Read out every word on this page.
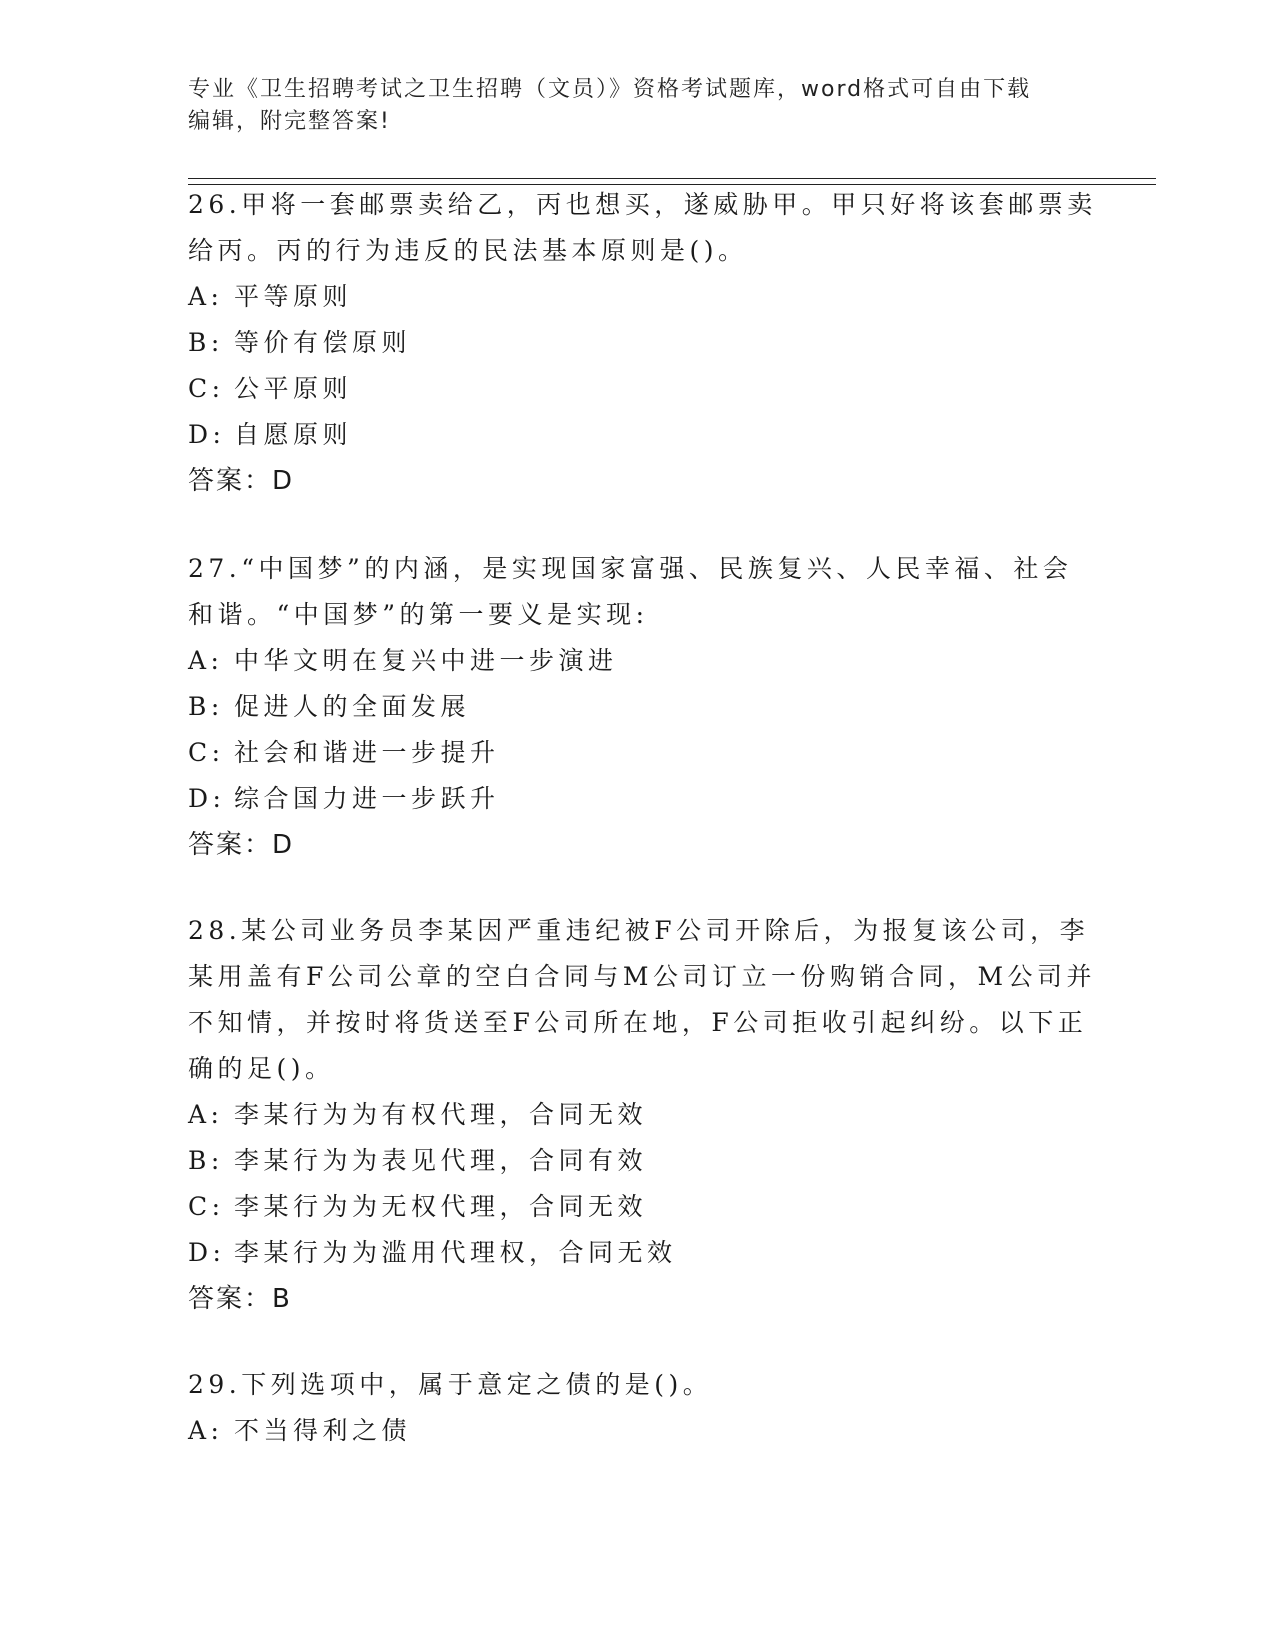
专业《卫生招聘考试之卫生招聘（文员）》资格考试题库，word格式可自由下载
编辑，附完整答案!
26.甲将一套邮票卖给乙，丙也想买，遂威胁甲。甲只好将该套邮票卖
给丙。丙的行为违反的民法基本原则是()。
A: 平等原则
B: 等价有偿原则
C: 公平原则
D: 自愿原则
答案：D
27.“中国梦”的内涵，是实现国家富强、民族复兴、人民幸福、社会
和谐。“中国梦”的第一要义是实现:
A: 中华文明在复兴中进一步演进
B: 促进人的全面发展
C: 社会和谐进一步提升
D: 综合国力进一步跃升
答案：D
28.某公司业务员李某因严重违纪被F公司开除后，为报复该公司，李
某用盖有F公司公章的空白合同与M公司订立一份购销合同，M公司并
不知情，并按时将货送至F公司所在地，F公司拒收引起纠纷。以下正
确的足()。
A: 李某行为为有权代理，合同无效
B: 李某行为为表见代理，合同有效
C: 李某行为为无权代理，合同无效
D: 李某行为为滥用代理权，合同无效
答案：B
29.下列选项中，属于意定之债的是()。
A: 不当得利之债
